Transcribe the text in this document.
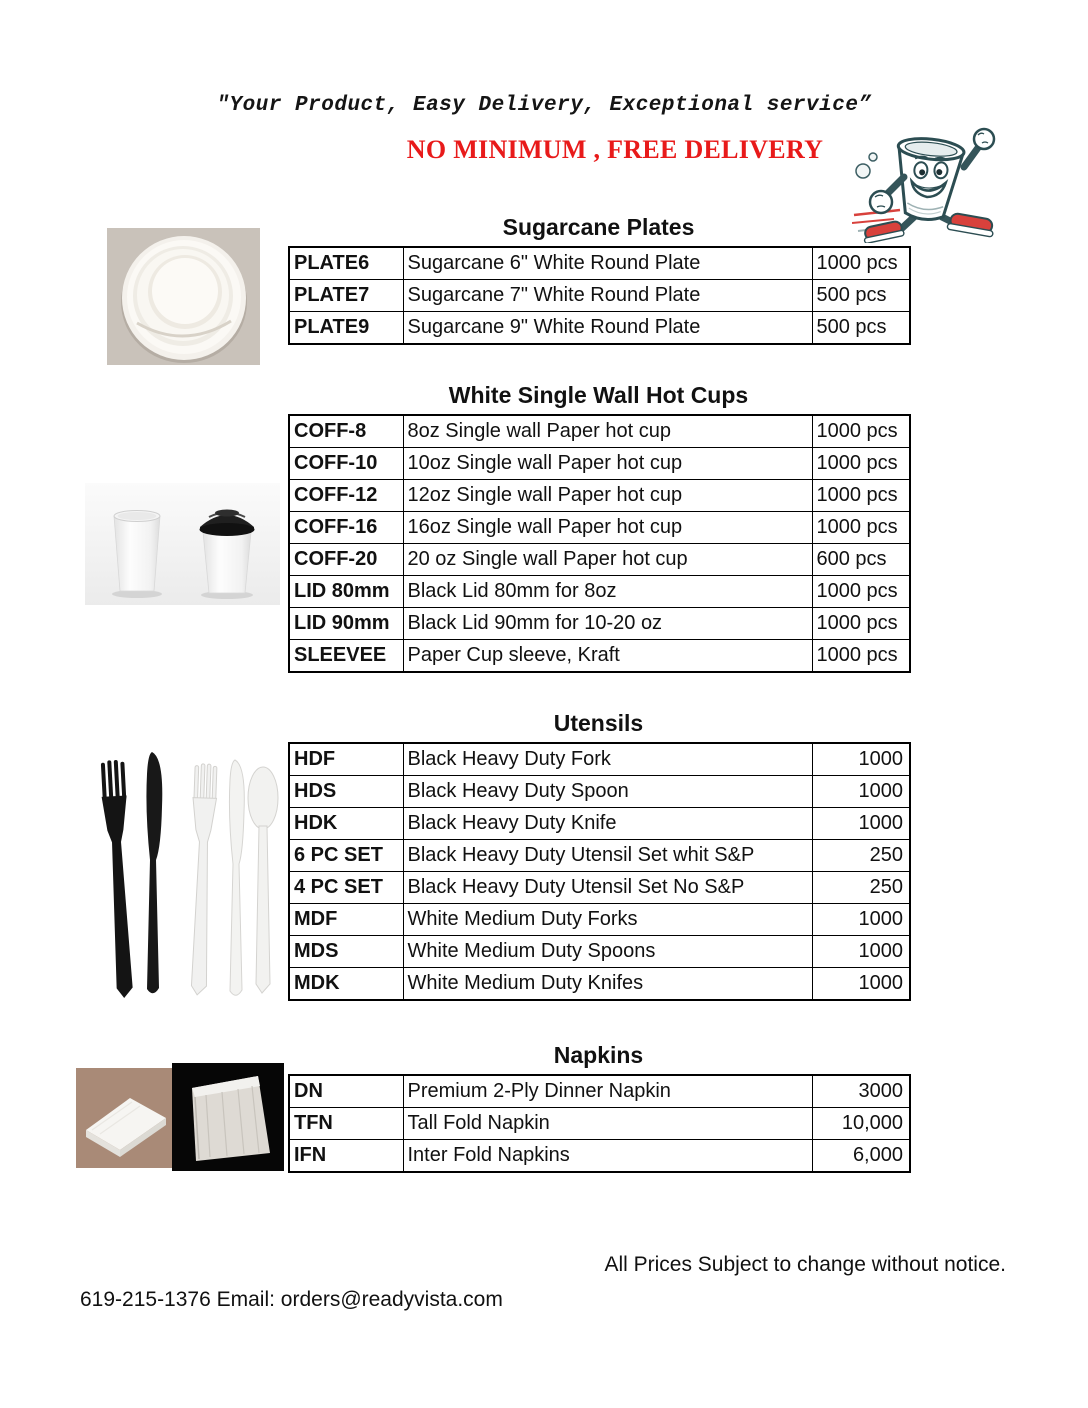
"Your Product, Easy Delivery, Exceptional service”
NO MINIMUM , FREE DELIVERY
Sugarcane Plates
PLATE6	Sugarcane 6" White Round Plate	1000 pcs
PLATE7	Sugarcane 7" White Round Plate	500 pcs
PLATE9	Sugarcane 9" White Round Plate	500 pcs
White Single Wall Hot Cups
COFF-8	8oz Single wall Paper hot cup	1000 pcs
COFF-10	10oz Single wall Paper hot cup	1000 pcs
COFF-12	12oz Single wall Paper hot cup	1000 pcs
COFF-16	16oz Single wall Paper hot cup	1000 pcs
COFF-20	20 oz Single wall Paper hot cup	600 pcs
LID 80mm	Black Lid 80mm for 8oz	1000 pcs
LID 90mm	Black Lid 90mm for 10-20 oz	1000 pcs
SLEEVEE	Paper Cup sleeve, Kraft	1000 pcs
Utensils
HDF	Black Heavy Duty Fork	1000
HDS	Black Heavy Duty Spoon	1000
HDK	Black Heavy Duty Knife	1000
6 PC SET	Black Heavy Duty Utensil Set whit S&P	250
4 PC SET	Black Heavy Duty Utensil Set No S&P	250
MDF	White Medium Duty Forks	1000
MDS	White Medium Duty Spoons	1000
MDK	White Medium Duty Knifes	1000
Napkins
DN	Premium 2-Ply Dinner Napkin	3000
TFN	Tall Fold Napkin	10,000
IFN	Inter Fold Napkins	6,000
All Prices Subject to change without notice.
619-215-1376 Email: orders@readyvista.com
